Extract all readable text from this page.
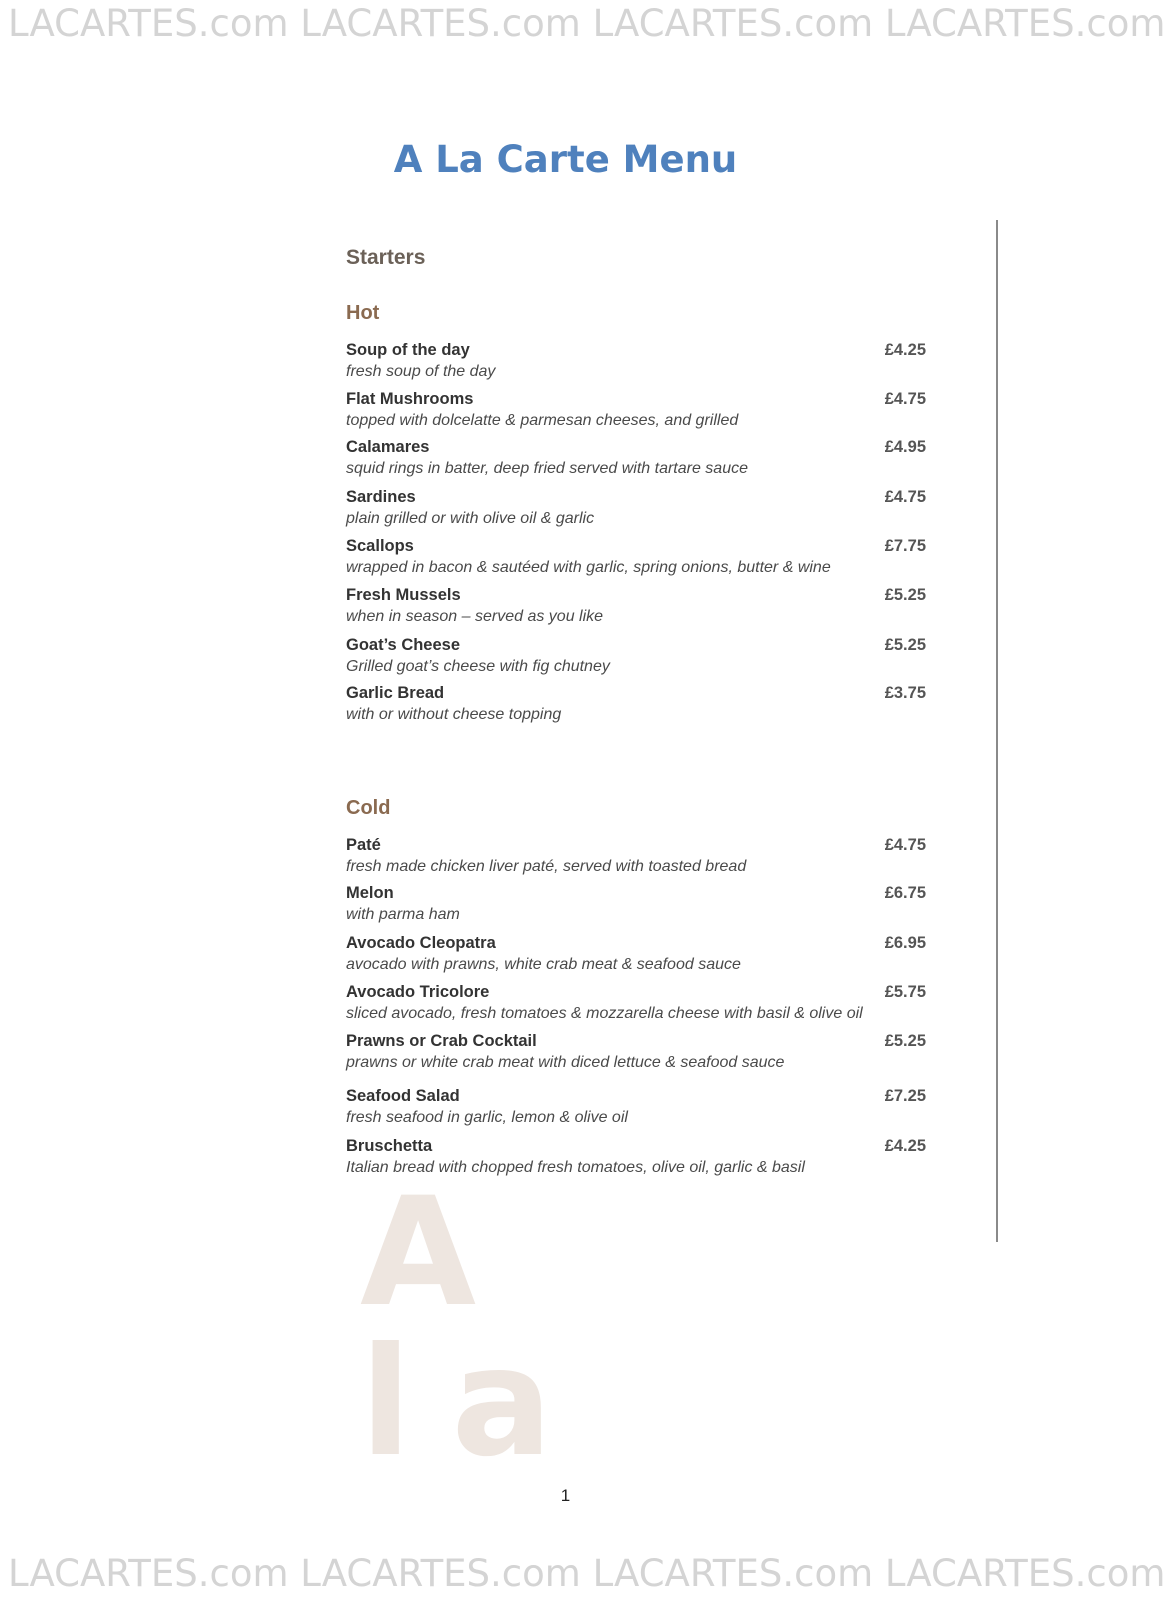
LACARTES.com LACARTES.com LACARTES.com LACARTES.com
A La Carte Menu
A la
Starters
Hot
Soup of the day
fresh soup of the day
£4.25
Flat Mushrooms
topped with dolcelatte & parmesan cheeses, and grilled
£4.75
Calamares
squid rings in batter, deep fried served with tartare sauce
£4.95
Sardines
plain grilled or with olive oil & garlic
£4.75
Scallops
wrapped in bacon & sautéed with garlic, spring onions, butter & wine
£7.75
Fresh Mussels
when in season – served as you like
£5.25
Goat’s Cheese
Grilled goat’s cheese with fig chutney
£5.25
Garlic Bread
with or without cheese topping
£3.75
Cold
Paté
fresh made chicken liver paté, served with toasted bread
£4.75
Melon
with parma ham
£6.75
Avocado Cleopatra
avocado with prawns, white crab meat & seafood sauce
£6.95
Avocado Tricolore
sliced avocado, fresh tomatoes & mozzarella cheese with basil & olive oil
£5.75
Prawns or Crab Cocktail
prawns or white crab meat with diced lettuce & seafood sauce
£5.25
Seafood Salad
fresh seafood in garlic, lemon & olive oil
£7.25
Bruschetta
Italian bread with chopped fresh tomatoes, olive oil, garlic & basil
£4.25
1
LACARTES.com LACARTES.com LACARTES.com LACARTES.com
